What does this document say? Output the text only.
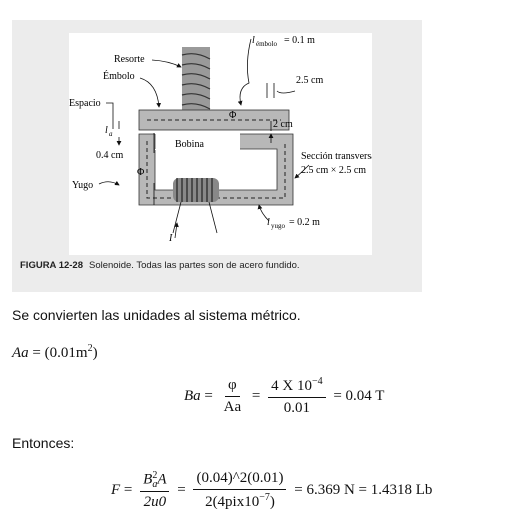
Φ
Φ
Resorte
Émbolo
Espacio
l a
0.4 cm
Bobina
Yugo
l émbolo = 0.1 m
2.5 cm
2 cm
Sección transversal
2.5 cm × 2.5 cm
l yugo = 0.2 m
I
FIGURA 12-28 Solenoide. Todas las partes son de acero fundido.
Se convierten las unidades al sistema métrico.
$Aa = (0.01m^2)$
$Ba = \frac{\varphi}{Aa} = \frac{4 X 10^{-4}}{0.01} = 0.04$ T
Entonces:
F = B 2
a A
$2u0 = \frac{(0.04)\^{}2(0.01)}{2(4pix10^{-7})} = 6.369$ N = 1.4318 Lb
